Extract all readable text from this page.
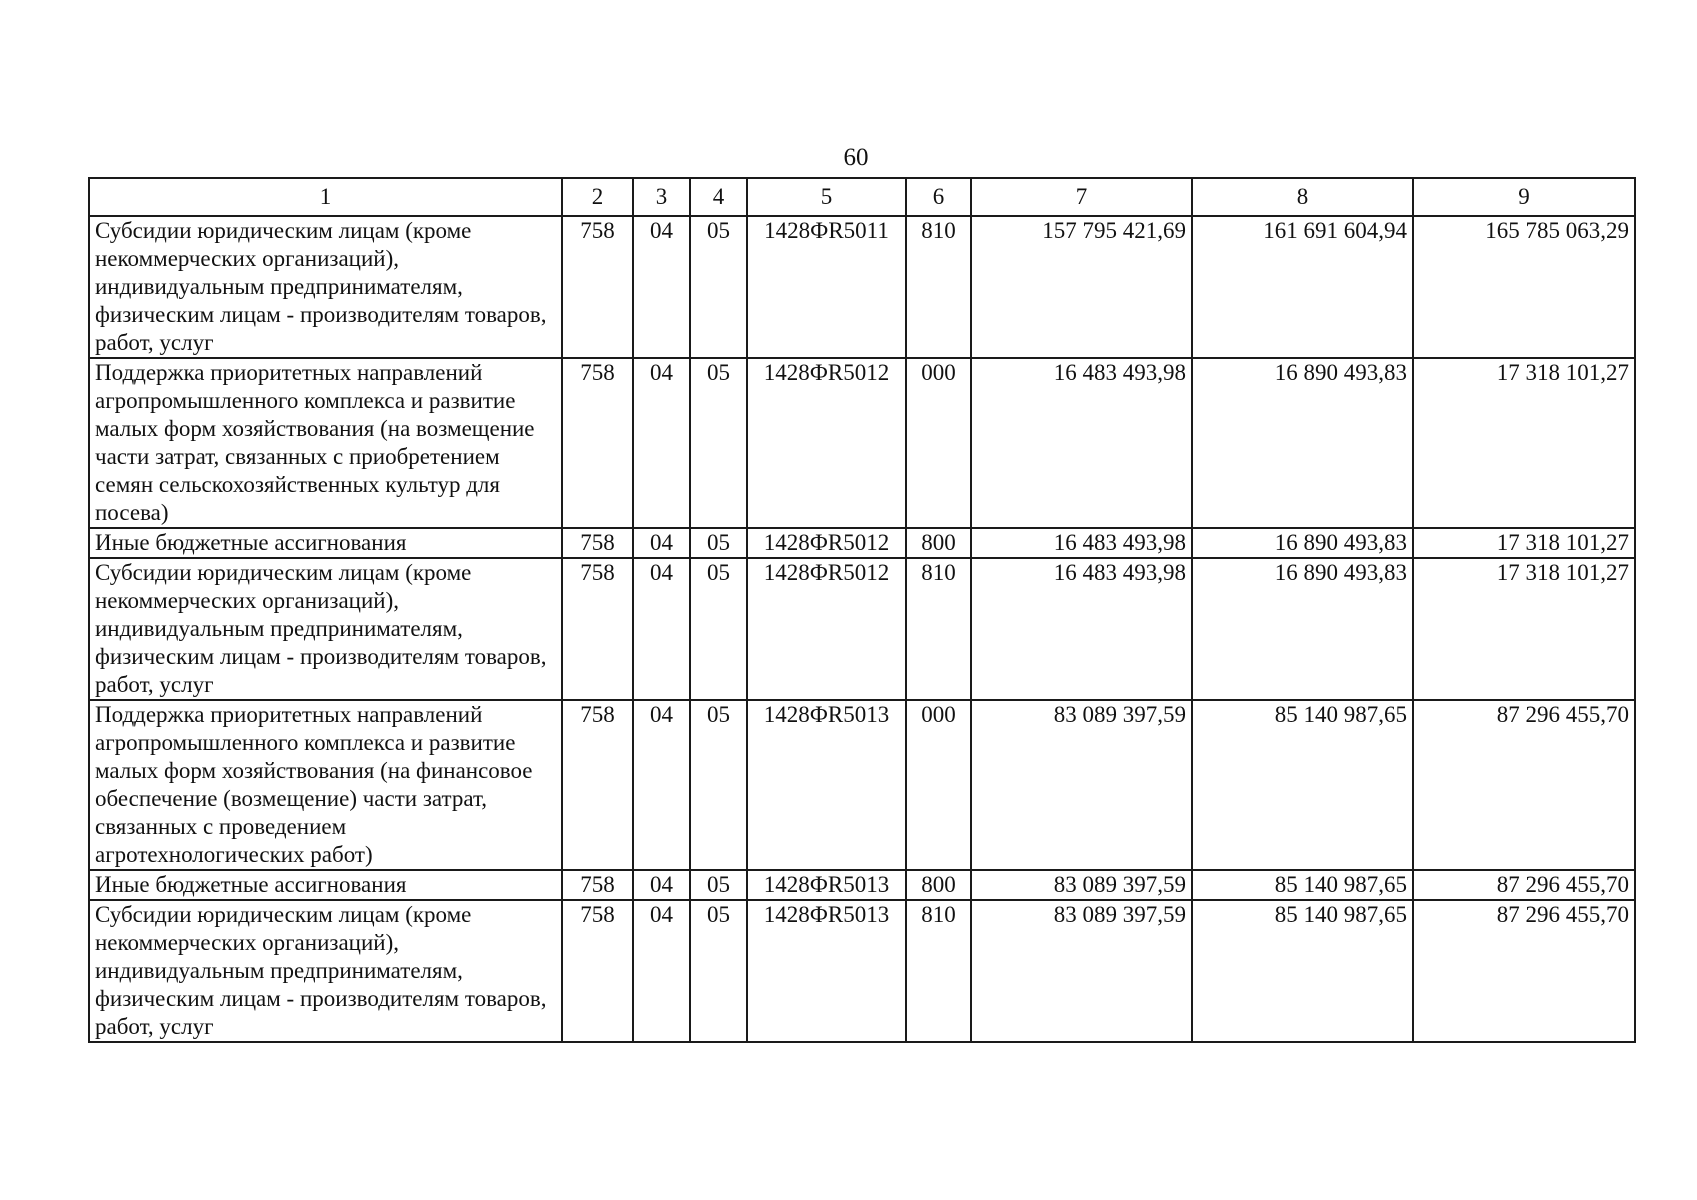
60
1	2	3	4	5	6	7	8	9
Субсидии юридическим лицам (кроме некоммерческих организаций), индивидуальным предпринимателям, физическим лицам - производителям товаров, работ, услуг	758	04	05	1428ФR5011	810	157 795 421,69	161 691 604,94	165 785 063,29
Поддержка приоритетных направлений агропромышленного комплекса и развитие малых форм хозяйствования (на возмещение части затрат, связанных с приобретением семян сельскохозяйственных культур для посева)	758	04	05	1428ФR5012	000	16 483 493,98	16 890 493,83	17 318 101,27
Иные бюджетные ассигнования	758	04	05	1428ФR5012	800	16 483 493,98	16 890 493,83	17 318 101,27
Субсидии юридическим лицам (кроме некоммерческих организаций), индивидуальным предпринимателям, физическим лицам - производителям товаров, работ, услуг	758	04	05	1428ФR5012	810	16 483 493,98	16 890 493,83	17 318 101,27
Поддержка приоритетных направлений агропромышленного комплекса и развитие малых форм хозяйствования (на финансовое обеспечение (возмещение) части затрат, связанных с проведением агротехнологических работ)	758	04	05	1428ФR5013	000	83 089 397,59	85 140 987,65	87 296 455,70
Иные бюджетные ассигнования	758	04	05	1428ФR5013	800	83 089 397,59	85 140 987,65	87 296 455,70
Субсидии юридическим лицам (кроме некоммерческих организаций), индивидуальным предпринимателям, физическим лицам - производителям товаров, работ, услуг	758	04	05	1428ФR5013	810	83 089 397,59	85 140 987,65	87 296 455,70
